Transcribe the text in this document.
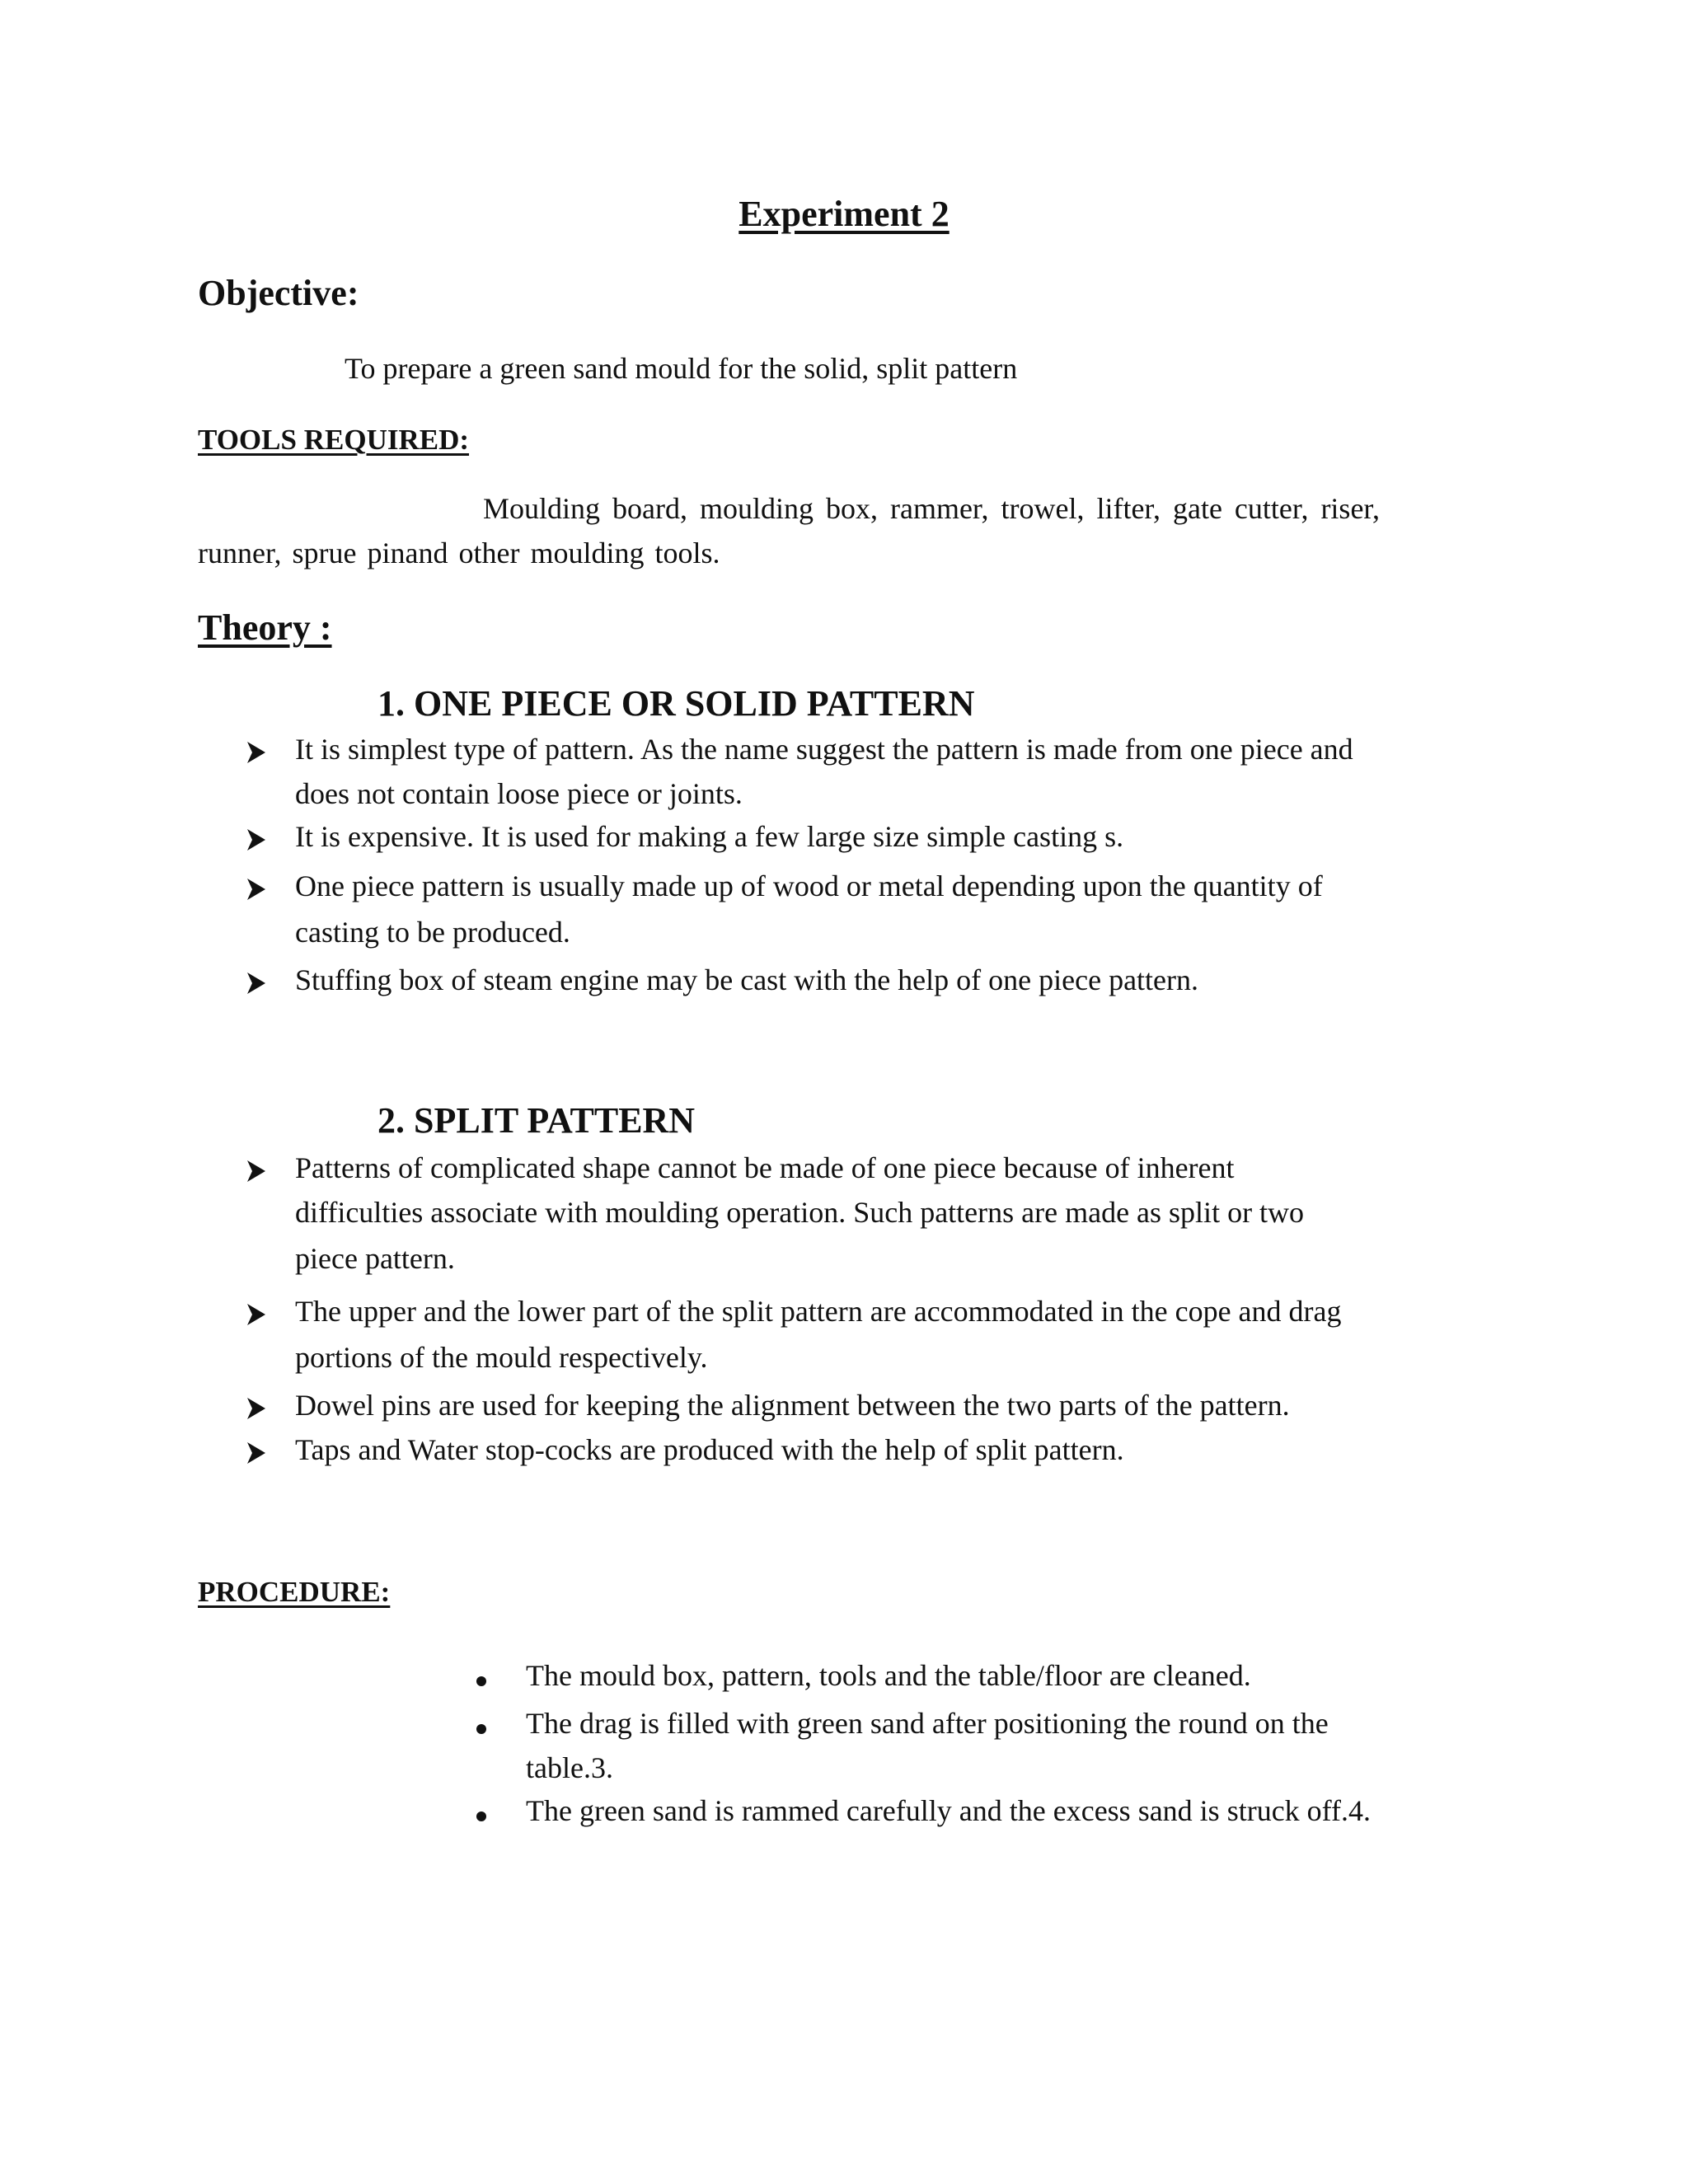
Experiment 2
Objective:
To prepare a green sand mould for the solid, split pattern
TOOLS REQUIRED:
Moulding board, moulding box, rammer, trowel, lifter, gate cutter, riser,
runner, sprue pinand other moulding tools.
Theory :
1. ONE PIECE OR SOLID PATTERN
It is simplest type of pattern. As the name suggest the pattern is made from one piece and
does not contain loose piece or joints.
It is expensive. It is used for making a few large size simple casting s.
One piece pattern is usually made up of wood or metal depending upon the quantity of
casting to be produced.
Stuffing box of steam engine may be cast with the help of one piece pattern.
2. SPLIT PATTERN
Patterns of complicated shape cannot be made of one piece because of inherent
difficulties associate with moulding operation. Such patterns are made as split or two
piece pattern.
The upper and the lower part of the split pattern are accommodated in the cope and drag
portions of the mould respectively.
Dowel pins are used for keeping the alignment between the two parts of the pattern.
Taps and Water stop-cocks are produced with the help of split pattern.
PROCEDURE:
The mould box, pattern, tools and the table/floor are cleaned.
The drag is filled with green sand after positioning the round on the
table.3.
The green sand is rammed carefully and the excess sand is struck off.4.
